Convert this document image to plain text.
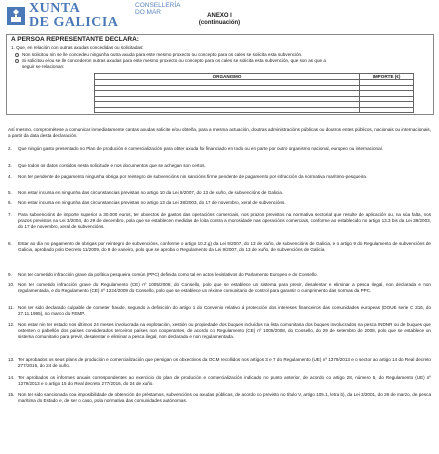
XUNTA
DE GALICIA
CONSELLERÍA
DO MAR	ANEXO I
(continuación)
A PERSOA REPRESENTANTE DECLARA:
1. Que, en relación con outras axudas concedidas ou solicitadas:
Non solicitou nin se lle concedeu ningunha outra axuda para este mesmo proxecto ou concepto para os cales se solicita esta subvención.
Si solicitou e/ou se lle concederon outras axudas para este mesmo proxecto ou concepto para os cales se solicita esta subvención, que son as que a
seguir se relacionan:
ORGANISMO	IMPORTE (€)

Así mesmo, comprométese a comunicar inmediatamente cantas axudas solicite e/ou obteña, para a mesma actuación, doutras administracións públicas ou doutros entes públicos, nacionais ou internacionais, a partir da data desta declaración.
2.	Que ningún gasto presentado no Plan de produción e comercialización para obter axuda foi financiado en todo ou en parte por outro organismo nacional, europeo ou internacional.
3.	Que todos os datos contidos nesta solicitude e nos documentos que se achegan son certos.
4.	Non ter pendente de pagamento ningunha obriga por reintegro de subvencións nin sancións firme pendente de pagamento por infracción da normativa marítimo-pesqueira.
5.	Non estar incursa en ningunha das circunstancias previstas no artigo 10 da Lei 9/2007, do 13 de xuño, de subvencións de Galicia.
6.	Non estar incursa en ningunha das circunstancias previstas no artigo 13 da Lei 38/2003, do 17 de novembro, xeral de subvencións.
7.	Para subvencións de importe superior a 30.000 euros, ter obxectos de gastos das operacións comerciais, nos prazos previstos na normativa sectorial que resulte de aplicación ou, na súa falta, nos prazos previstos na Lei 3/2004, do 29 de decembro, pola que se establecen medidas de loita contra a morosidade nas operacións comerciais, conforme ao establecido no artigo 13.3 bis da Lei 38/2003, do 17 de novembro, xeral de subvencións.
8.	Estar ao día no pagamento de obrigas por reintegro de subvencións, conforme o artigo 10.2.g) da Lei 9/2007, do 13 de xuño, de subvencións de Galicia, e o artigo 9 do Regulamento de subvencións de Galicia, aprobado polo Decreto 11/2009, do 8 de xaneiro, polo que se aproba o Regulamento da Lei 9/2007, do 13 de xuño, de subvencións de Galicia.
9.	Non ter cometido infracción grave da política pesqueira común (PPC) definida como tal en actos lexislativos do Parlamento Europeo e do Consello.
10. Non ter cometido infracción grave do Regulamento (CE) nº 1005/2008, do Consello, polo que se establece un sistema para previr, desalentar e eliminar a pesca ilegal, non declarada e non regulamentada, e do Regulamento (CE) nº 1224/2009 do Consello, polo que se establece un réxime comunitario de control para garantir o cumprimento das normas da PPC.
11. Non ter sido declarado culpable de cometer fraude, segundo a definición do artigo 1 do Convenio relativo á protección dos intereses financeiros das comunidades europeas (DOUE serie C 316, do 27.11.1995), no marco do FEMP.
12. Non estar nin ter estado nos últimos 24 meses involucrada na explotación, xestión ou propiedade dos buques incluídos na lista comunitaria dos buques involucrados na pesca INDNR ou de buques que ostenten o pabellón dos países considerados terceiros países non cooperantes, de acordo co Regulamento (CE) nº 1005/2008, do Consello, do 29 de setembro de 2008, polo que se establece un sistema comunitario para previr, desalentar e eliminar a pesca ilegal, non declarada e non regulamentada.
13. Ter aprobados os seus plans de produción e comercialización que persigan os obxectivos da OCM recollidos nos artigos 3 e 7 do Regulamento (UE) nº 1379/2013 e o sector ao artigo 14 do Real decreto 277/2016, do 24 de xuño.
14. Ter aprobados os informes anuais correspondentes ao exercicio do plan de produción e comercialización indicado no punto anterior, de acordo co artigo 28, número 5, do Regulamento (UE) nº 1379/2013 e o artigo 15 do Real decreto 277/2016, do 24 de xuño.
15. Non ter sido sancionada coa imposibilidade de obtención de préstamos, subvencións ou axudas públicas, de acordo co previsto no título V, artigo 105.1, letra b), da Lei 3/2001, do 26 de marzo, de pesca marítima do Estado e, de ser o caso, pola normativa das comunidades autónomas.
